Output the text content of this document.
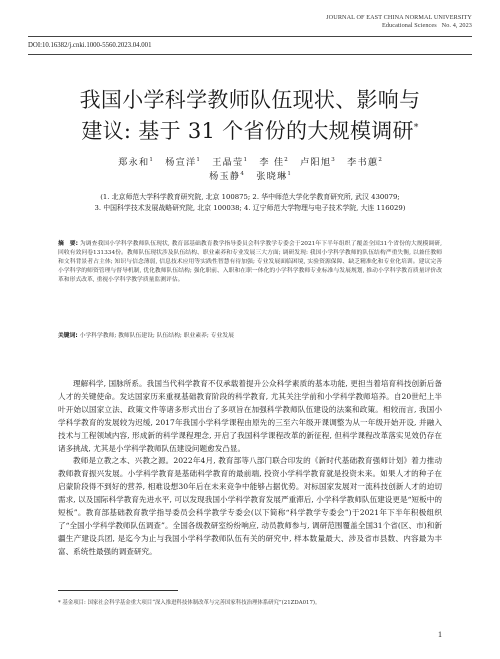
JOURNAL OF EAST CHINA NORMAL UNIVERSITY
Educational Sciences No. 4, 2023
DOI:10.16382/j.cnki.1000-5560.2023.04.001
我国小学科学教师队伍现状、影响与
建议: 基于 31 个省份的大规模调研*
郑永和$^1$ 杨宣洋$^1$ 王晶莹$^1$ 李 佳$^2$ 卢阳旭$^3$ 李书蕙$^2$
杨玉静$^4$ 张晓琳$^1$
(1. 北京师范大学科学教育研究院, 北京 100875; 2. 华中师范大学化学教育研究所, 武汉 430079;
3. 中国科学技术发展战略研究院, 北京 100038; 4. 辽宁师范大学物理与电子技术学院, 大连 116029)
摘　要: 为调查我国小学科学教师队伍现状, 教育部基础教育教学指导委员会科学教学专委会于2021年下半年组织了覆盖全国31个省份的大规模调研, 回收有效问卷131334份。教师队伍现状涉及队伍结构、职业素养和专业发展三大方面; 调研发现: 我国小学科学教师的队伍结构严重失衡, 以兼任教师和文科背景者占主体; 知识与信念薄弱, 信息技术应用等实践性智慧有待加强; 专业发展面临困境, 实验资源保障、缺乏精准化和专业化培训。建议完善小学科学的师资管理与督导机制, 优化教师队伍结构; 强化职前、入职和在职一体化的小学科学教师专业标准与发展规划, 推动小学科学教育质量评价改革和形式改革, 重视小学科学教学质量监测评估。
关键词: 小学科学教师; 教师队伍建设; 队伍结构; 职业素养; 专业发展

理解科学, 国脉所系。我国当代科学教育不仅承载着提升公众科学素质的基本功能, 更担当着培育科技创新后备人才的关键使命。发达国家历来重视基础教育阶段的科学教育, 尤其关注学前和小学科学教师培养。自20世纪上半叶开始以国家立法、政策文件等诸多形式出台了多项旨在加强科学教师队伍建设的法案和政策。相较而言, 我国小学科学教育的发展较为迟缓, 2017年我国小学科学课程由原先的三至六年级开课调整为从一年级开始开设, 并融入技术与工程领域内容, 形成新的科学课程理念, 开启了我国科学课程改革的新征程, 但科学课程改革落实见效仍存在诸多挑战, 尤其是小学科学教师队伍建设问题愈发凸显。

教师是立教之本、兴教之源。2022年4月, 教育部等八部门联合印发的《新时代基础教育强师计划》着力推动教师教育振兴发展。小学科学教育是基础科学教育的最前端, 投资小学科学教育就是投资未来。如果人才的种子在启蒙阶段得不到好的营养, 相难设想30年后在未来竞争中能够占据优势。对标国家发展对一流科技创新人才的迫切需求, 以及国际科学教育先进水平, 可以发现我国小学科学教育发展严重滞后, 小学科学教师队伍建设更是“短板中的短板”。教育部基础教育教学指导委员会科学教学专委会(以下简称“科学教学专委会”)于2021年下半年积极组织了“全国小学科学教师队伍调查”。全国各级教研室纷纷响应, 动员教师参与, 调研范围覆盖全国31个省(区、市)和新疆生产建设兵团, 是迄今为止与我国小学科学教师队伍有关的研究中, 样本数量最大、涉及省市县数、内容最为丰富、系统性最强的调查研究。

* 基金项目: 国家社会科学基金重大项目“深入推进科技体制改革与完善国家科技治理体系研究”(21ZDA017)。
1
